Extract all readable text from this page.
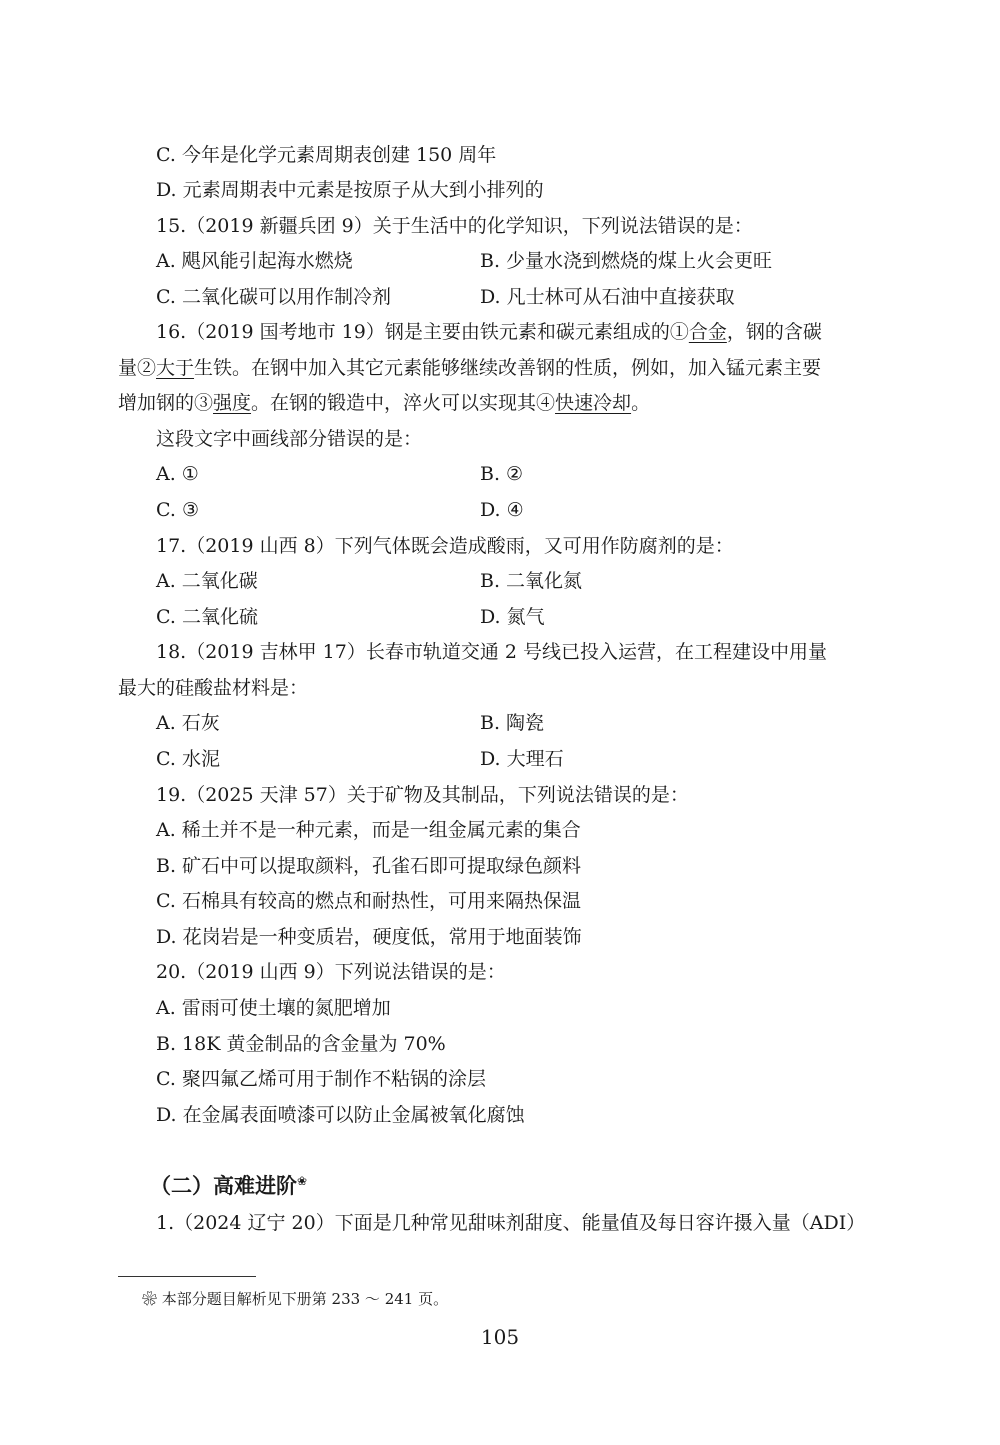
C. 今年是化学元素周期表创建 150 周年
D. 元素周期表中元素是按原子从大到小排列的
15.（2019 新疆兵团 9）关于生活中的化学知识，下列说法错误的是：
A. 飓风能引起海水燃烧	B. 少量水浇到燃烧的煤上火会更旺
C. 二氧化碳可以用作制冷剂	D. 凡士林可从石油中直接获取
16.（2019 国考地市 19）钢是主要由铁元素和碳元素组成的①合金，钢的含碳
量②大于生铁。在钢中加入其它元素能够继续改善钢的性质，例如，加入锰元素主要
增加钢的③强度。在钢的锻造中，淬火可以实现其④快速冷却。
这段文字中画线部分错误的是：
A. ①	B. ②
C. ③	D. ④
17.（2019 山西 8）下列气体既会造成酸雨，又可用作防腐剂的是：
A. 二氧化碳	B. 二氧化氮
C. 二氧化硫	D. 氮气
18.（2019 吉林甲 17）长春市轨道交通 2 号线已投入运营，在工程建设中用量
最大的硅酸盐材料是：
A. 石灰	B. 陶瓷
C. 水泥	D. 大理石
19.（2025 天津 57）关于矿物及其制品，下列说法错误的是：
A. 稀土并不是一种元素，而是一组金属元素的集合
B. 矿石中可以提取颜料，孔雀石即可提取绿色颜料
C. 石棉具有较高的燃点和耐热性，可用来隔热保温
D. 花岗岩是一种变质岩，硬度低，常用于地面装饰
20.（2019 山西 9）下列说法错误的是：
A. 雷雨可使土壤的氮肥增加
B. 18K 黄金制品的含金量为 70%
C. 聚四氟乙烯可用于制作不粘锅的涂层
D. 在金属表面喷漆可以防止金属被氧化腐蚀
（二）高难进阶❀
1.（2024 辽宁 20）下面是几种常见甜味剂甜度、能量值及每日容许摄入量（ADI）
❀ 本部分题目解析见下册第 233 ～ 241 页。
105
